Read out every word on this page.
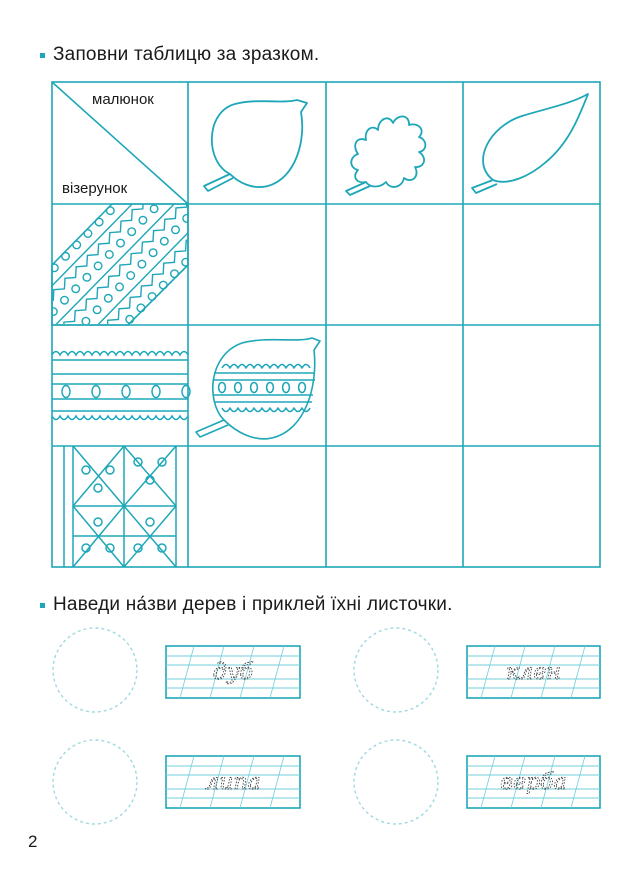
Заповни таблицю за зразком.
малюнок
візерунок
дуб	клен
липа	верба
Наведи на́зви дерев і приклей їхні листочки.
2
